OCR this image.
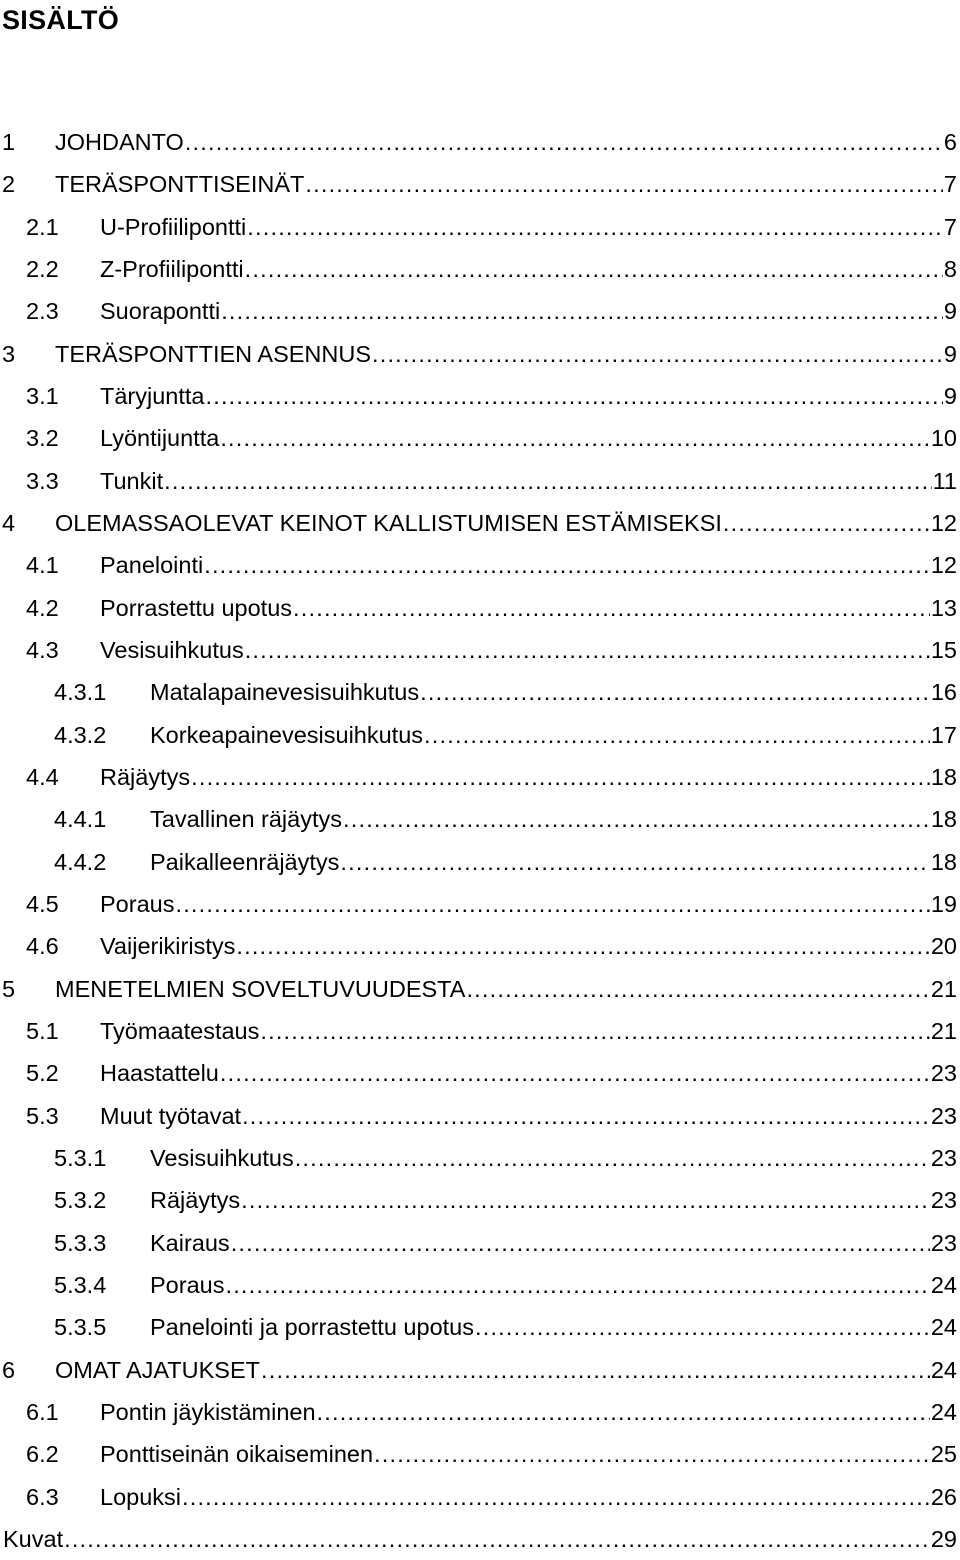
SISÄLTÖ
1	JOHDANTO .....	6
2	TERÄSPONTTISEINÄT .....	7
2.1	U-Profiilipontti .....	7
2.2	Z-Profiilipontti .....	8
2.3	Suorapontti .....	9
3	TERÄSPONTTIEN ASENNUS .....	9
3.1	Täryjuntta .....	9
3.2	Lyöntijuntta .....	10
3.3	Tunkit .....	11
4	OLEMASSAOLEVAT KEINOT KALLISTUMISEN ESTÄMISEKSI .....	12
4.1	Panelointi .....	12
4.2	Porrastettu upotus .....	13
4.3	Vesisuihkutus .....	15
4.3.1	Matalapainevesisuihkutus .....	16
4.3.2	Korkeapainevesisuihkutus .....	17
4.4	Räjäytys .....	18
4.4.1	Tavallinen räjäytys .....	18
4.4.2	Paikalleenräjäytys .....	18
4.5	Poraus .....	19
4.6	Vaijerikiristys .....	20
5	MENETELMIEN SOVELTUVUUDESTA .....	21
5.1	Työmaatestaus .....	21
5.2	Haastattelu .....	23
5.3	Muut työtavat .....	23
5.3.1	Vesisuihkutus .....	23
5.3.2	Räjäytys .....	23
5.3.3	Kairaus .....	23
5.3.4	Poraus .....	24
5.3.5	Panelointi ja porrastettu upotus .....	24
6	OMAT AJATUKSET .....	24
6.1	Pontin jäykistäminen .....	24
6.2	Ponttiseinän oikaiseminen .....	25
6.3	Lopuksi .....	26
Kuvat .....	29
